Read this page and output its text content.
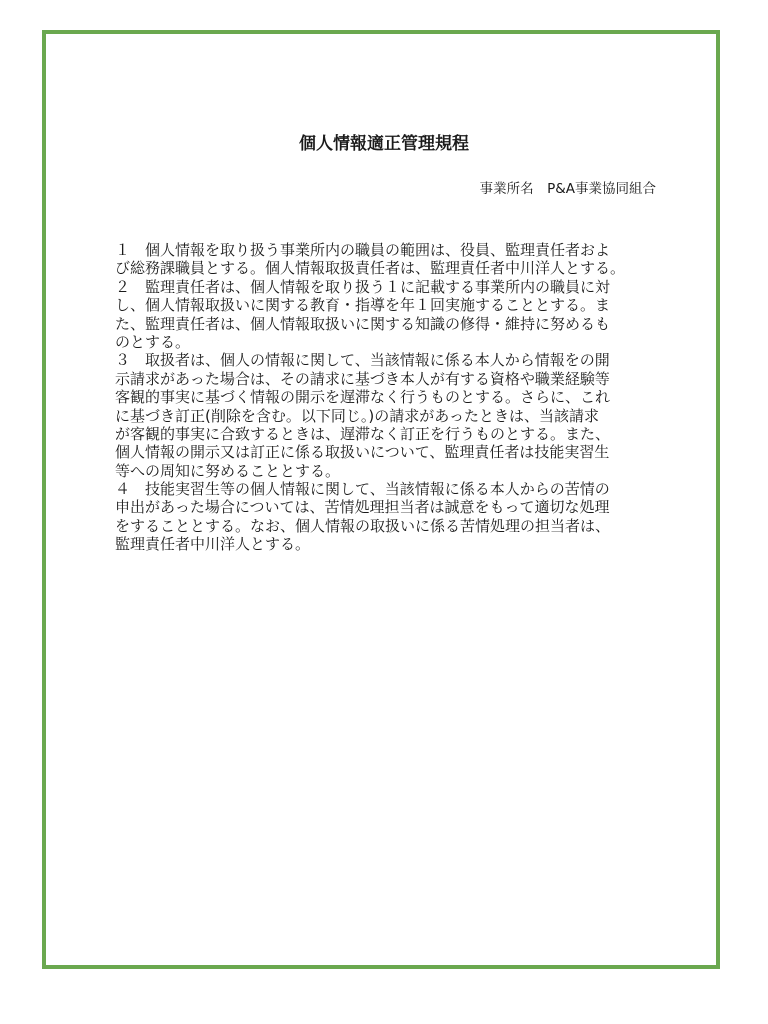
個人情報適正管理規程
事業所名　P&A事業協同組合
１　個人情報を取り扱う事業所内の職員の範囲は、役員、監理責任者およ
び総務課職員とする。個人情報取扱責任者は、監理責任者中川洋人とする。
２　監理責任者は、個人情報を取り扱う１に記載する事業所内の職員に対
し、個人情報取扱いに関する教育・指導を年１回実施することとする。ま
た、監理責任者は、個人情報取扱いに関する知識の修得・維持に努めるも
のとする。
３　取扱者は、個人の情報に関して、当該情報に係る本人から情報をの開
示請求があった場合は、その請求に基づき本人が有する資格や職業経験等
客観的事実に基づく情報の開示を遅滞なく行うものとする。さらに、これ
に基づき訂正(削除を含む。以下同じ。)の請求があったときは、当該請求
が客観的事実に合致するときは、遅滞なく訂正を行うものとする。また、
個人情報の開示又は訂正に係る取扱いについて、監理責任者は技能実習生
等への周知に努めることとする。
４　技能実習生等の個人情報に関して、当該情報に係る本人からの苦情の
申出があった場合については、苦情処理担当者は誠意をもって適切な処理
をすることとする。なお、個人情報の取扱いに係る苦情処理の担当者は、
監理責任者中川洋人とする。
